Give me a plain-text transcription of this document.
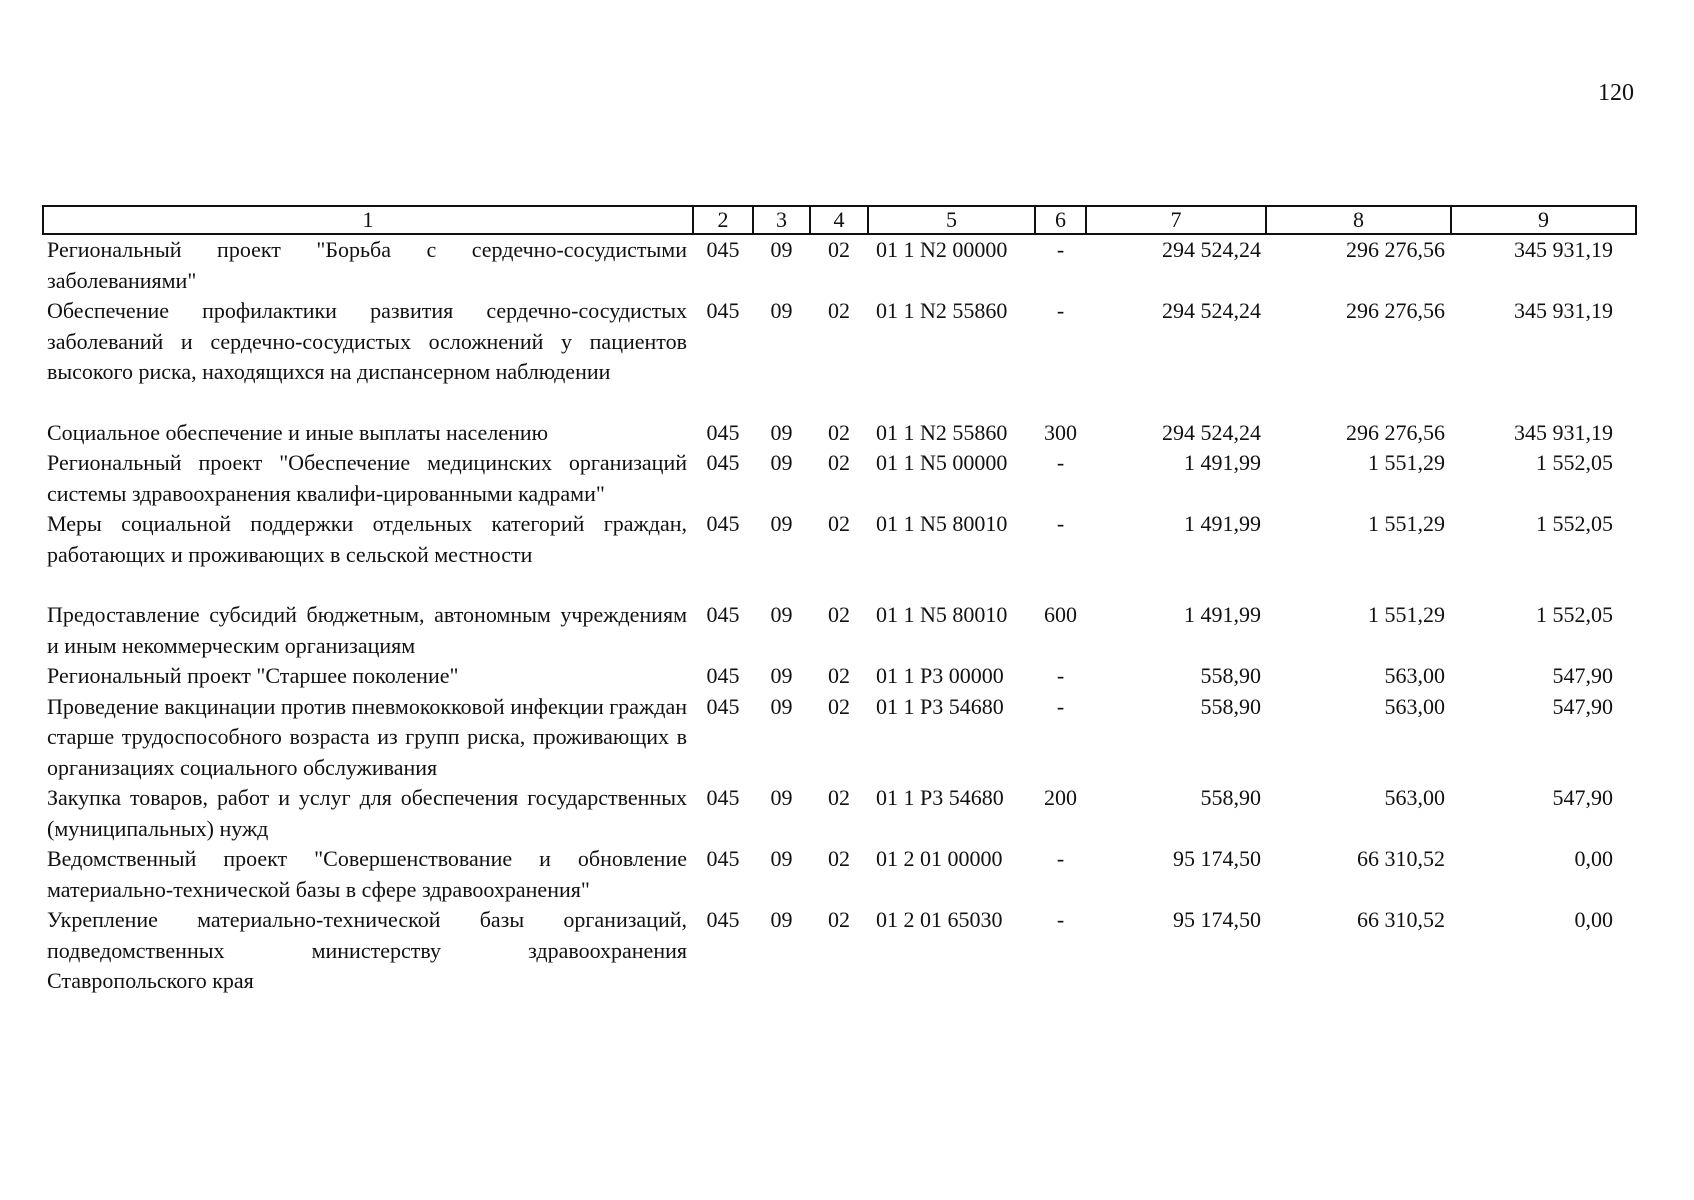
120
1	2	3	4	5	6	7	8	9
Региональный проект "Борьба с сердечно-сосудистыми заболеваниями"	045	09	02	01 1 N2 00000	-	294 524,24	296 276,56	345 931,19
Обеспечение профилактики развития сердечно-сосудистых заболеваний и сердечно-сосудистых осложнений у пациентов высокого риска, находящихся на диспансерном наблюдении	045	09	02	01 1 N2 55860	-	294 524,24	296 276,56	345 931,19
Социальное обеспечение и иные выплаты населению	045	09	02	01 1 N2 55860	300	294 524,24	296 276,56	345 931,19
Региональный проект "Обеспечение медицинских организаций системы здравоохранения квалифи-цированными кадрами"	045	09	02	01 1 N5 00000	-	1 491,99	1 551,29	1 552,05
Меры социальной поддержки отдельных категорий граждан, работающих и проживающих в сельской местности	045	09	02	01 1 N5 80010	-	1 491,99	1 551,29	1 552,05
Предоставление субсидий бюджетным, автономным учреждениям и иным некоммерческим организациям	045	09	02	01 1 N5 80010	600	1 491,99	1 551,29	1 552,05
Региональный проект "Старшее поколение"	045	09	02	01 1 P3 00000	-	558,90	563,00	547,90
Проведение вакцинации против пневмококковой инфекции граждан старше трудоспособного возраста из групп риска, проживающих в организациях социального обслуживания	045	09	02	01 1 P3 54680	-	558,90	563,00	547,90
Закупка товаров, работ и услуг для обеспечения государственных (муниципальных) нужд	045	09	02	01 1 P3 54680	200	558,90	563,00	547,90
Ведомственный проект "Совершенствование и обновление материально-технической базы в сфере здравоохранения"	045	09	02	01 2 01 00000	-	95 174,50	66 310,52	0,00
Укрепление материально-технической базы организаций, подведомственных министерству здравоохранения Ставропольского края	045	09	02	01 2 01 65030	-	95 174,50	66 310,52	0,00
